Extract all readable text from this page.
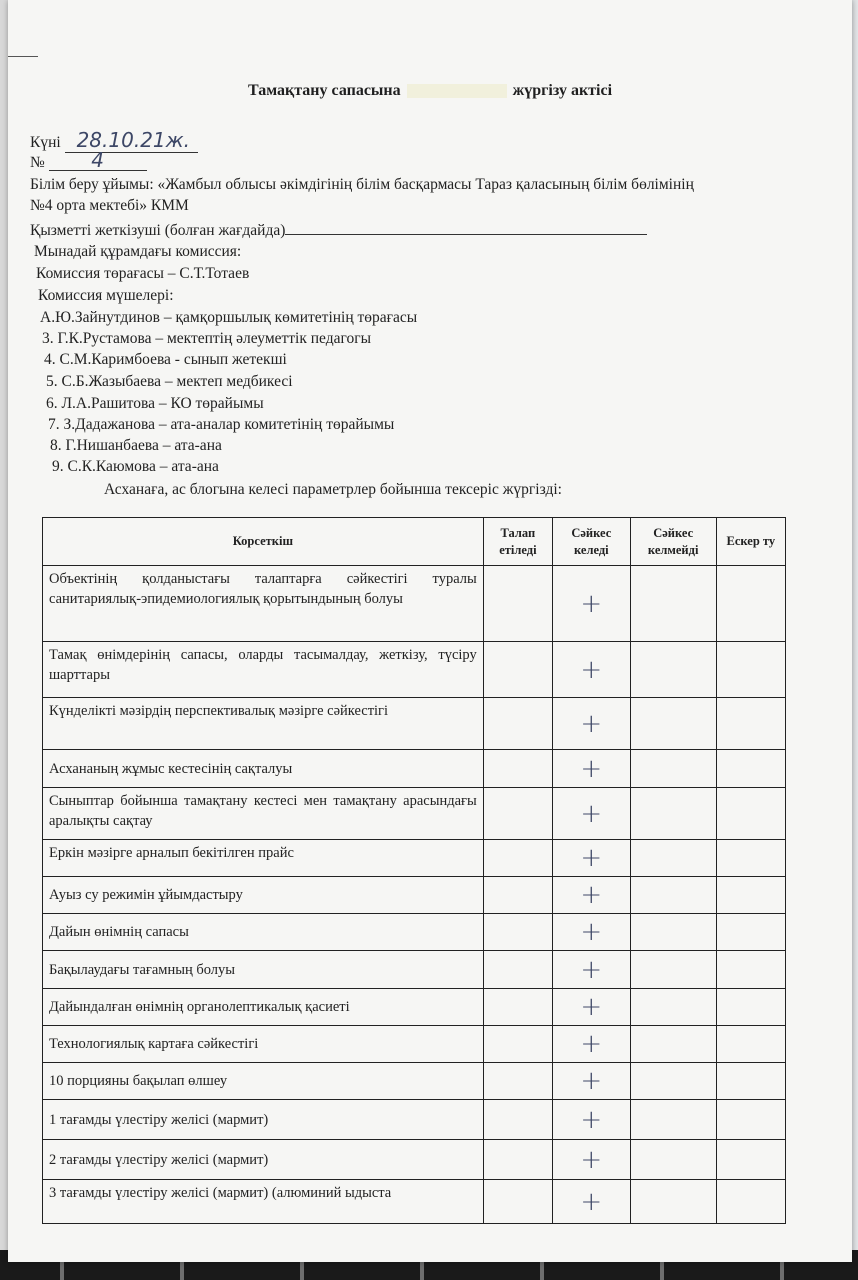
Тамақтану сапасына	жүргізу актісі
Күні 28.10.21ж.
№ 4
Білім беру ұйымы: «Жамбыл облысы әкімдігінің білім басқармасы Тараз қаласының білім бөлімінің
№4 орта мектебі» КММ
Қызметті жеткізуші (болған жағдайда)
Мынадай құрамдағы комиссия:
Комиссия төрағасы – С.Т.Тотаев
Комиссия мүшелері:
А.Ю.Зайнутдинов – қамқоршылық көмитетінің төрағасы
3. Г.К.Рустамова – мектептің әлеуметтік педагогы
4. С.М.Каримбоева - сынып жетекші
5. С.Б.Жазыбаева – мектеп медбикесі
6. Л.А.Рашитова – КО төрайымы
7. З.Дадажанова – ата-аналар комитетінің төрайымы
8. Г.Нишанбаева – ата-ана
9. С.К.Каюмова – ата-ана
Асханаға, ас блогына келесі параметрлер бойынша тексеріс жүргізді:
Корсеткіш	Талап етіледі	Сәйкес келеді	Сәйкес келмейді	Ескер ту
Объектінің қолданыстағы талаптарға сәйкестігі туралы санитариялық-эпидемиологиялық қорытындының болуы		+		
Тамақ өнімдерінің сапасы, оларды тасымалдау, жеткізу, түсіру шарттары		+		
Күнделікті мәзірдің перспективалық мәзірге сәйкестігі		+		
Асхананың жұмыс кестесінің сақталуы		+		
Сыныптар бойынша тамақтану кестесі мен тамақтану арасындағы аралықты сақтау		+		
Еркін мәзірге арналып бекітілген прайс		+		
Ауыз су режимін ұйымдастыру		+		
Дайын өнімнің сапасы		+		
Бақылаудағы тағамның болуы		+		
Дайындалған өнімнің органолептикалық қасиеті		+		
Технологиялық картаға сәйкестігі		+		
10 порцияны бақылап өлшеу		+		
1 тағамды үлестіру желісі (мармит)		+		
2 тағамды үлестіру желісі (мармит)		+		
3 тағамды үлестіру желісі (мармит) (алюминий ыдыста		+		
